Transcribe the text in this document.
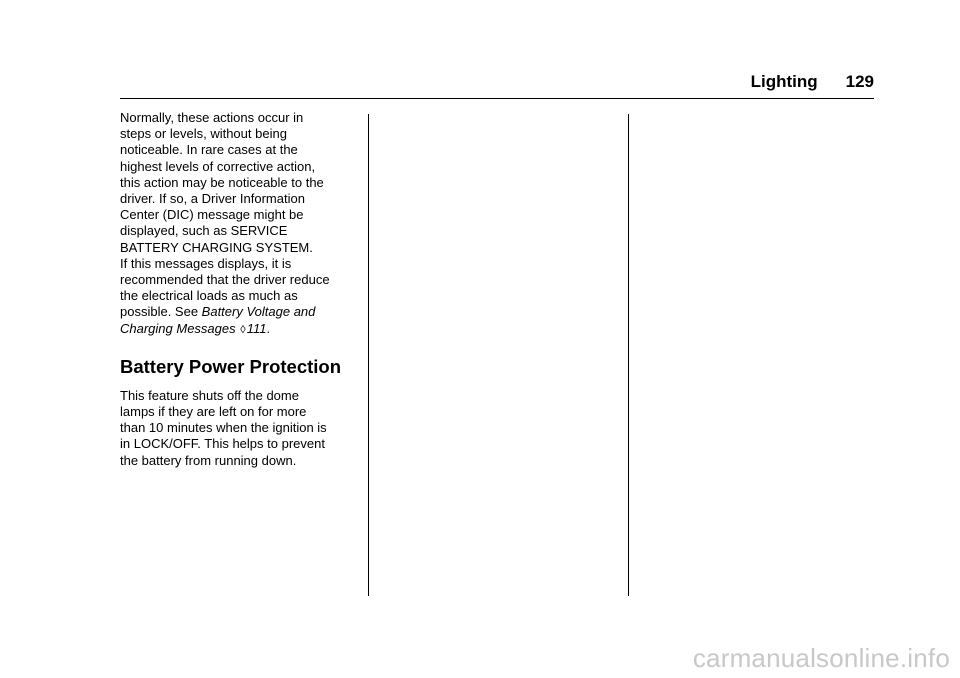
Lighting 129

Normally, these actions occur in
steps or levels, without being
noticeable. In rare cases at the
highest levels of corrective action,
this action may be noticeable to the
driver. If so, a Driver Information
Center (DIC) message might be
displayed, such as SERVICE
BATTERY CHARGING SYSTEM.

If this messages displays, it is
recommended that the driver reduce
the electrical loads as much as
possible. See Battery Voltage and
Charging Messages ◊111.

Battery Power Protection

This feature shuts off the dome
lamps if they are left on for more
than 10 minutes when the ignition is
in LOCK/OFF. This helps to prevent
the battery from running down.

carmanualsonline.info
